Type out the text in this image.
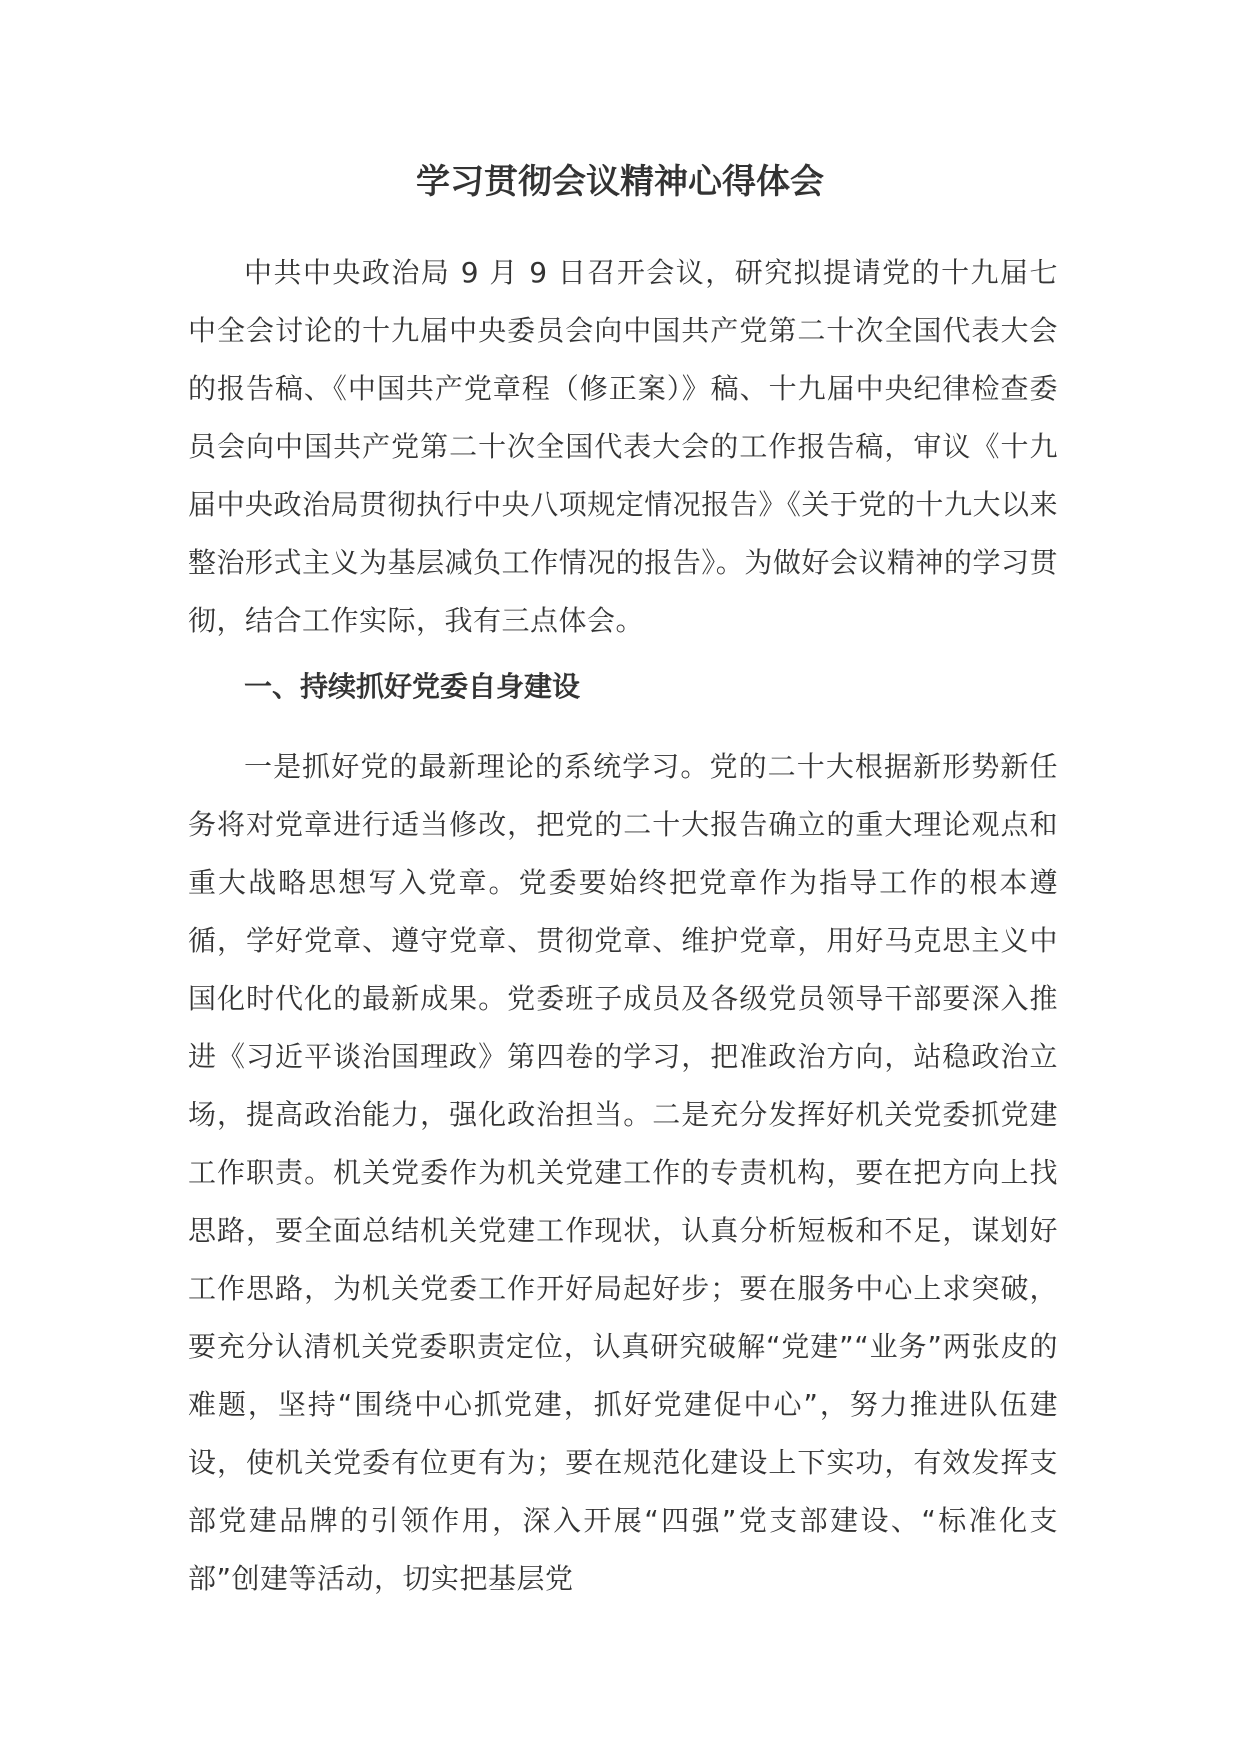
学习贯彻会议精神心得体会

中共中央政治局 9 月 9 日召开会议，研究拟提请党的十九届七中全会讨论的十九届中央委员会向中国共产党第二十次全国代表大会的报告稿、《中国共产党章程（修正案）》稿、十九届中央纪律检查委员会向中国共产党第二十次全国代表大会的工作报告稿，审议《十九届中央政治局贯彻执行中央八项规定情况报告》《关于党的十九大以来整治形式主义为基层减负工作情况的报告》。为做好会议精神的学习贯彻，结合工作实际，我有三点体会。

一、持续抓好党委自身建设

一是抓好党的最新理论的系统学习。党的二十大根据新形势新任务将对党章进行适当修改，把党的二十大报告确立的重大理论观点和重大战略思想写入党章。党委要始终把党章作为指导工作的根本遵循，学好党章、遵守党章、贯彻党章、维护党章，用好马克思主义中国化时代化的最新成果。党委班子成员及各级党员领导干部要深入推进《习近平谈治国理政》第四卷的学习，把准政治方向，站稳政治立场，提高政治能力，强化政治担当。二是充分发挥好机关党委抓党建工作职责。机关党委作为机关党建工作的专责机构，要在把方向上找思路，要全面总结机关党建工作现状，认真分析短板和不足，谋划好工作思路，为机关党委工作开好局起好步；要在服务中心上求突破，要充分认清机关党委职责定位，认真研究破解“党建”“业务”两张皮的难题，坚持“围绕中心抓党建，抓好党建促中心”，努力推进队伍建设，使机关党委有位更有为；要在规范化建设上下实功，有效发挥支部党建品牌的引领作用，深入开展“四强”党支部建设、“标准化支部”创建等活动，切实把基层党
